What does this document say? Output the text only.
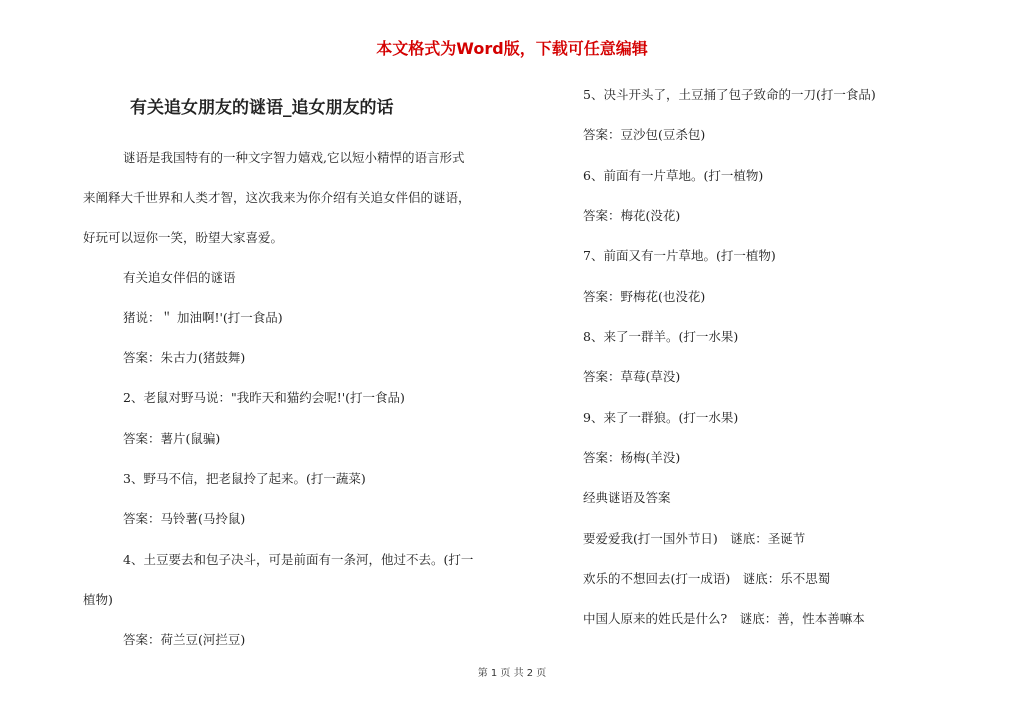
本文格式为Word版，下载可任意编辑
有关追女朋友的谜语_追女朋友的话
谜语是我国特有的一种文字智力嬉戏,它以短小精悍的语言形式
来阐释大千世界和人类才智，这次我来为你介绍有关追女伴侣的谜语，
好玩可以逗你一笑，盼望大家喜爱。
有关追女伴侣的谜语
猪说：＂ 加油啊!'(打一食品)
答案：朱古力(猪鼓舞)
2、老鼠对野马说："我昨天和猫约会呢!'(打一食品)
答案：薯片(鼠骗)
3、野马不信，把老鼠拎了起来。(打一蔬菜)
答案：马铃薯(马拎鼠)
4、土豆要去和包子决斗，可是前面有一条河，他过不去。(打一
植物)
答案：荷兰豆(河拦豆)
5、决斗开头了，土豆捅了包子致命的一刀(打一食品)
答案：豆沙包(豆杀包)
6、前面有一片草地。(打一植物)
答案：梅花(没花)
7、前面又有一片草地。(打一植物)
答案：野梅花(也没花)
8、来了一群羊。(打一水果)
答案：草莓(草没)
9、来了一群狼。(打一水果)
答案：杨梅(羊没)
经典谜语及答案
要爱爱我(打一国外节日)　谜底：圣诞节
欢乐的不想回去(打一成语)　谜底：乐不思蜀
中国人原来的姓氏是什么?　谜底：善，性本善嘛本
第 1 页 共 2 页
